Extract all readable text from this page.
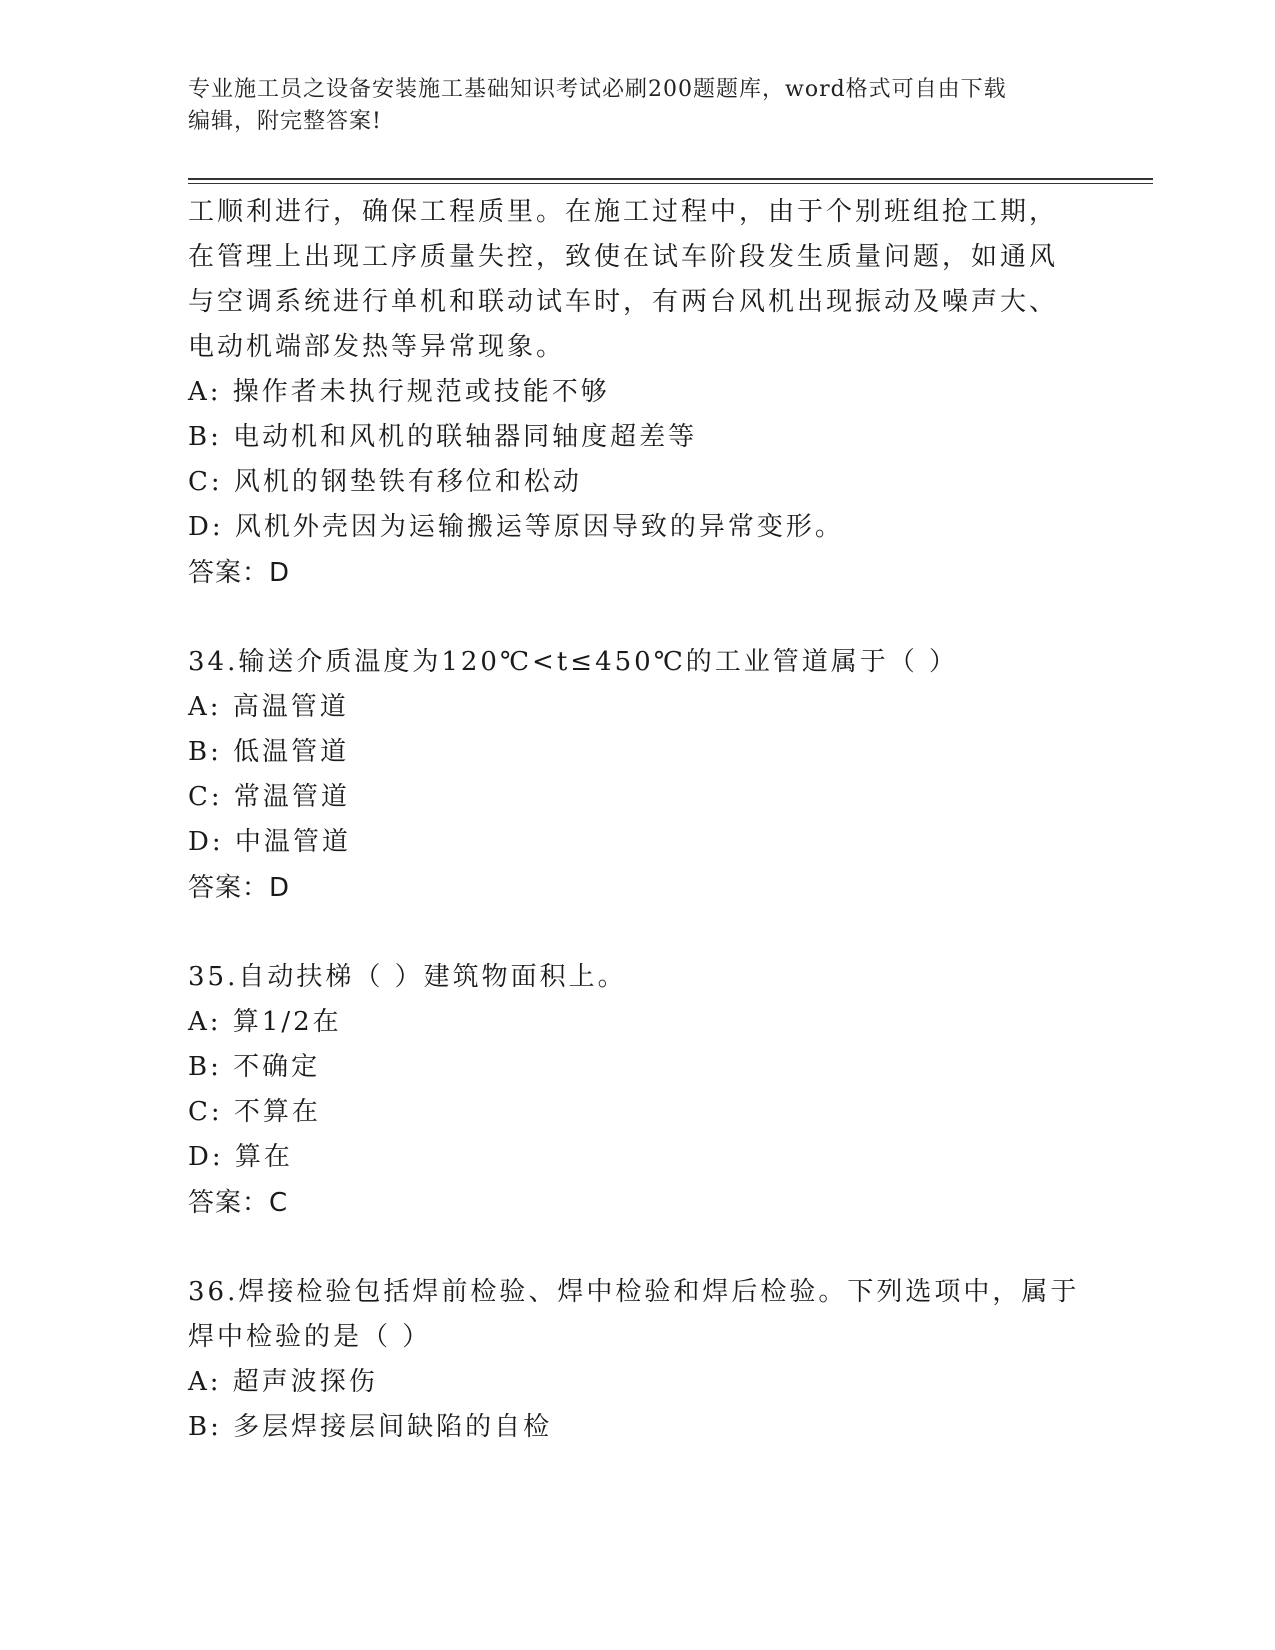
专业施工员之设备安装施工基础知识考试必刷200题题库，word格式可自由下载
编辑，附完整答案!

工顺利进行，确保工程质里。在施工过程中，由于个别班组抢工期，

在管理上出现工序质量失控，致使在试车阶段发生质量问题，如通风

与空调系统进行单机和联动试车时，有两台风机出现振动及噪声大、

电动机端部发热等异常现象。

A: 操作者未执行规范或技能不够

B: 电动机和风机的联轴器同轴度超差等

C: 风机的钢垫铁有移位和松动

D: 风机外壳因为运输搬运等原因导致的异常变形。

答案：D

34.输送介质温度为120℃<t≤450℃的工业管道属于（ ）

A: 高温管道

B: 低温管道

C: 常温管道

D: 中温管道

答案：D

35.自动扶梯（ ）建筑物面积上。

A: 算1/2在

B: 不确定

C: 不算在

D: 算在

答案：C

36.焊接检验包括焊前检验、焊中检验和焊后检验。下列选项中，属于

焊中检验的是（ ）

A: 超声波探伤

B: 多层焊接层间缺陷的自检
